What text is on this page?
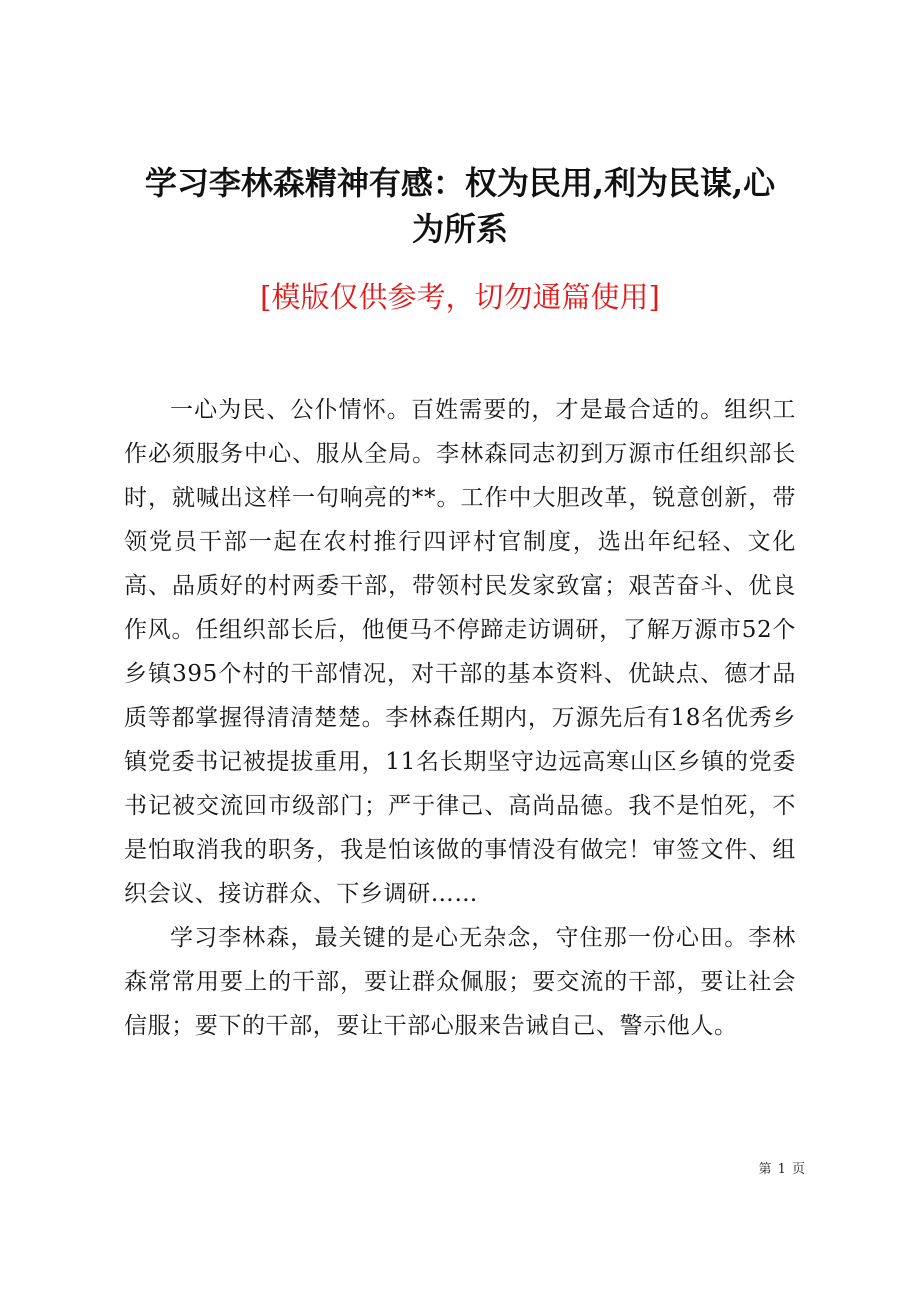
学习李林森精神有感：权为民用,利为民谋,心
为所系

[模版仅供参考，切勿通篇使用]

一心为民、公仆情怀。百姓需要的，才是最合适的。组织工作必须服务中心、服从全局。李林森同志初到万源市任组织部长时，就喊出这样一句响亮的**。工作中大胆改革，锐意创新，带领党员干部一起在农村推行四评村官制度，选出年纪轻、文化高、品质好的村两委干部，带领村民发家致富；艰苦奋斗、优良作风。任组织部长后，他便马不停蹄走访调研，了解万源市52个乡镇395个村的干部情况，对干部的基本资料、优缺点、德才品质等都掌握得清清楚楚。李林森任期内，万源先后有18名优秀乡镇党委书记被提拔重用，11名长期坚守边远高寒山区乡镇的党委书记被交流回市级部门；严于律己、高尚品德。我不是怕死，不是怕取消我的职务，我是怕该做的事情没有做完！审签文件、组织会议、接访群众、下乡调研……

学习李林森，最关键的是心无杂念，守住那一份心田。李林森常常用要上的干部，要让群众佩服；要交流的干部，要让社会信服；要下的干部，要让干部心服来告诫自己、警示他人。

第 1 页
